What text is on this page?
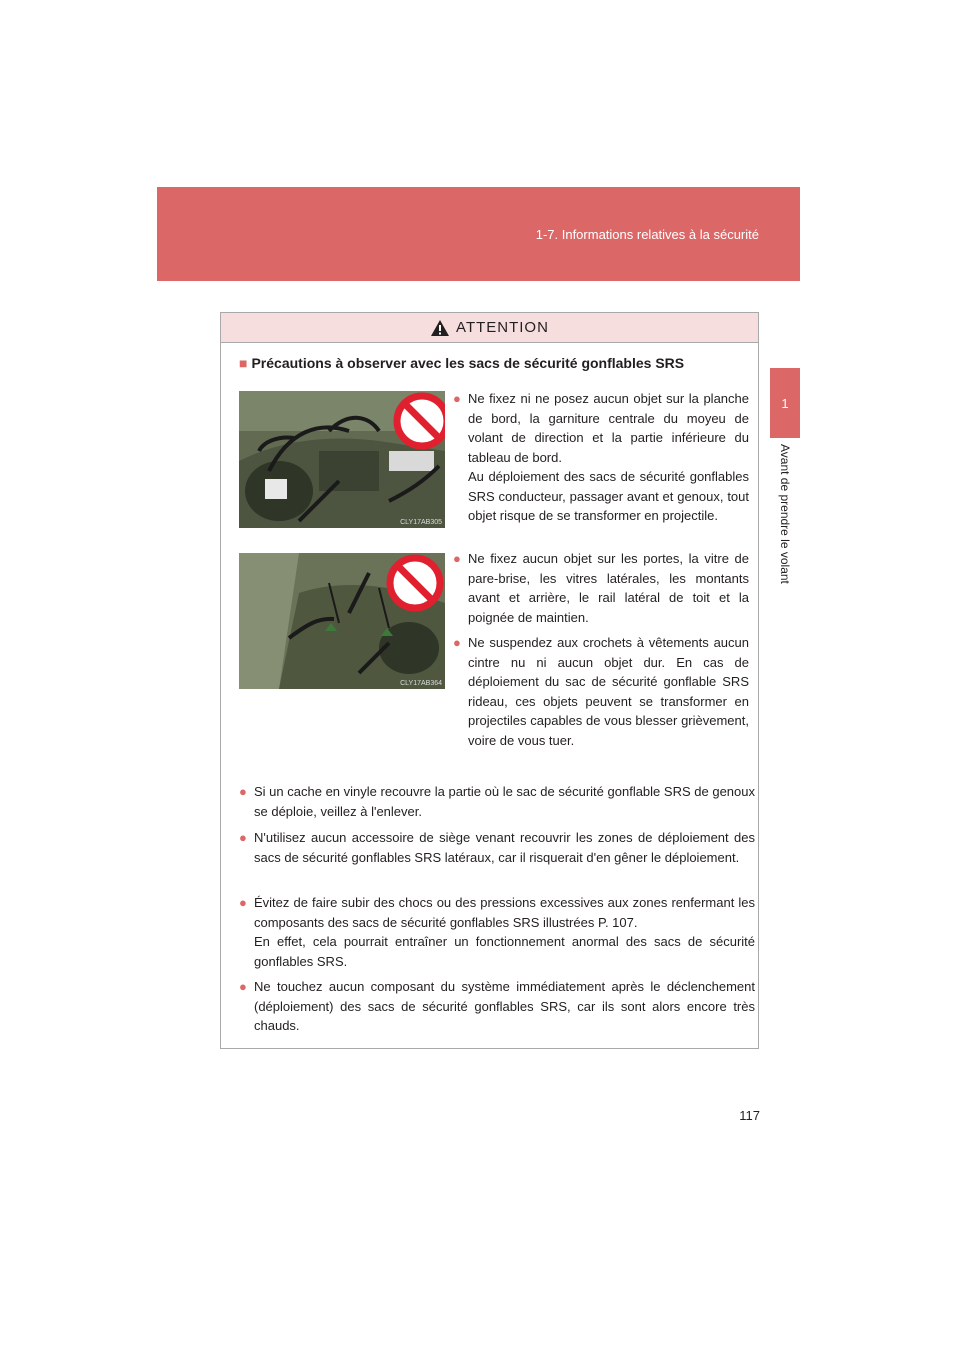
1-7. Informations relatives à la sécurité
1
Avant de prendre le volant
ATTENTION
■ Précautions à observer avec les sacs de sécurité gonflables SRS
CLY17AB305
CLY17AB364
● Ne fixez ni ne posez aucun objet sur la planche de bord, la garniture centrale du moyeu de volant de direction et la partie inférieure du tableau de bord.

Au déploiement des sacs de sécurité gonflables SRS conducteur, passager avant et genoux, tout objet risque de se transformer en projectile.

● Ne fixez aucun objet sur les portes, la vitre de pare-brise, les vitres latérales, les montants avant et arrière, le rail latéral de toit et la poignée de maintien.

● Ne suspendez aux crochets à vêtements aucun cintre nu ni aucun objet dur. En cas de déploiement du sac de sécurité gonflable SRS rideau, ces objets peuvent se transformer en projectiles capables de vous blesser grièvement, voire de vous tuer.

● Si un cache en vinyle recouvre la partie où le sac de sécurité gonflable SRS de genoux se déploie, veillez à l'enlever.

● N'utilisez aucun accessoire de siège venant recouvrir les zones de déploiement des sacs de sécurité gonflables SRS latéraux, car il risquerait d'en gêner le déploiement.

● Évitez de faire subir des chocs ou des pressions excessives aux zones renfermant les composants des sacs de sécurité gonflables SRS illustrées P. 107.

En effet, cela pourrait entraîner un fonctionnement anormal des sacs de sécurité gonflables SRS.

● Ne touchez aucun composant du système immédiatement après le déclenchement (déploiement) des sacs de sécurité gonflables SRS, car ils sont alors encore très chauds.

117
